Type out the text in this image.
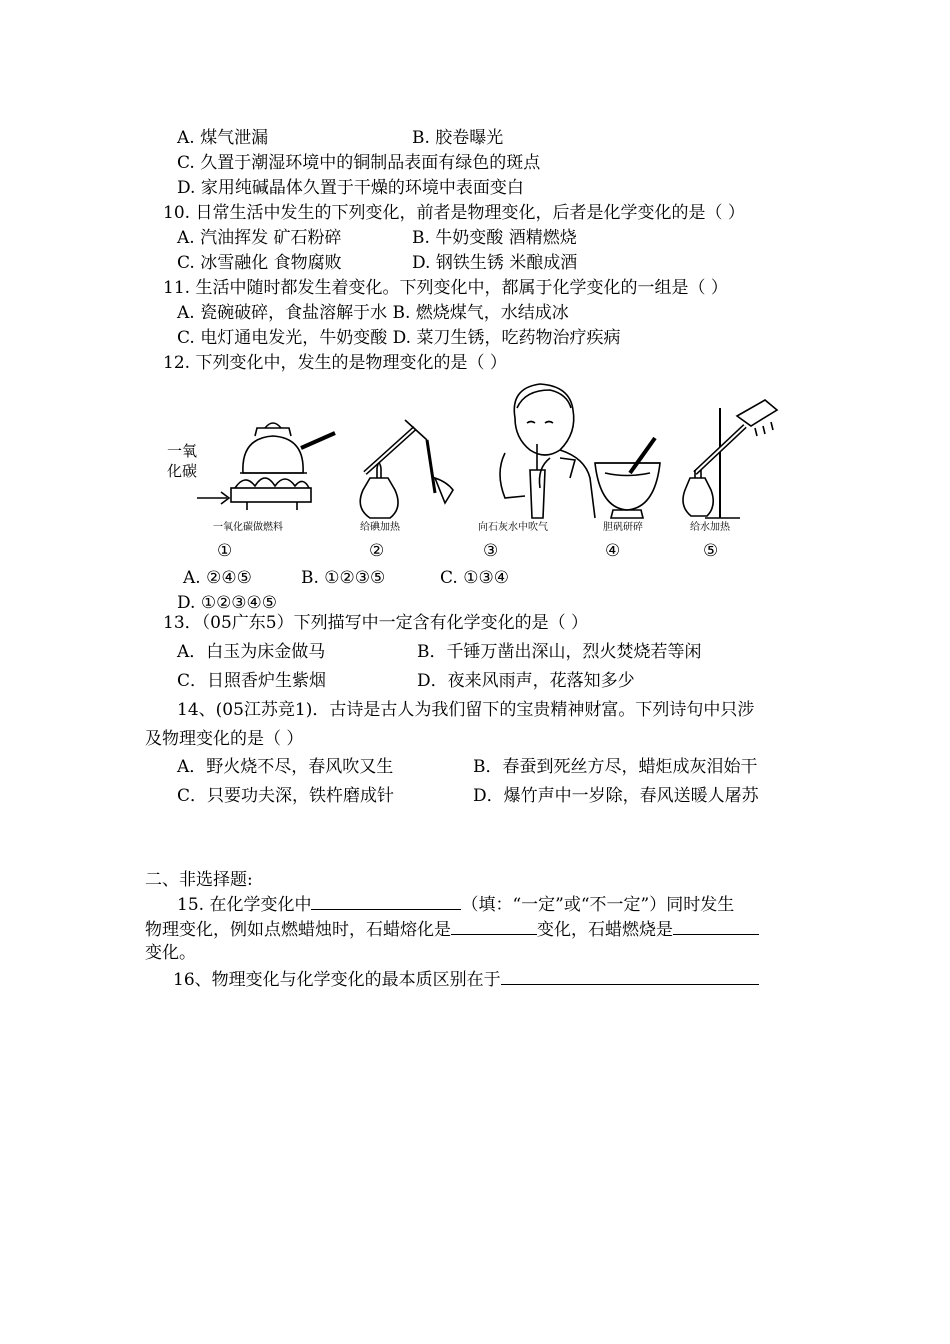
A. 煤气泄漏	B. 胶卷曝光
C. 久置于潮湿环境中的铜制品表面有绿色的斑点
D. 家用纯碱晶体久置于干燥的环境中表面变白
10. 日常生活中发生的下列变化，前者是物理变化，后者是化学变化的是（ ）
A. 汽油挥发 矿石粉碎	B. 牛奶变酸 酒精燃烧
C. 冰雪融化 食物腐败	D. 钢铁生锈 米酿成酒
11. 生活中随时都发生着变化。下列变化中，都属于化学变化的一组是（ ）
A. 瓷碗破碎，食盐溶解于水 B. 燃烧煤气，水结成冰
C. 电灯通电发光，牛奶变酸 D. 菜刀生锈，吃药物治疗疾病
12. 下列变化中，发生的是物理变化的是（ ）
一氧
化碳
一氧化碳做燃料	给碘加热	向石灰水中吹气	胆矾研碎	给水加热
①	②	③	④	⑤
A. ②④⑤	B. ①②③⑤	C. ①③④
D. ①②③④⑤
13．（05广东5）下列描写中一定含有化学变化的是（ ）
A．白玉为床金做马	B．千锤万凿出深山，烈火焚烧若等闲
C．日照香炉生紫烟	D．夜来风雨声，花落知多少
14、(05江苏竞1)．古诗是古人为我们留下的宝贵精神财富。下列诗句中只涉
及物理变化的是（ ）
A．野火烧不尽，春风吹又生	B．春蚕到死丝方尽，蜡炬成灰泪始干
C．只要功夫深，铁杵磨成针	D．爆竹声中一岁除，春风送暖人屠苏
二、非选择题:
15. 在化学变化中	（填：“一定”或“不一定”）同时发生
物理变化，例如点燃蜡烛时，石蜡熔化是	变化，石蜡燃烧是
变化。
16、物理变化与化学变化的最本质区别在于
